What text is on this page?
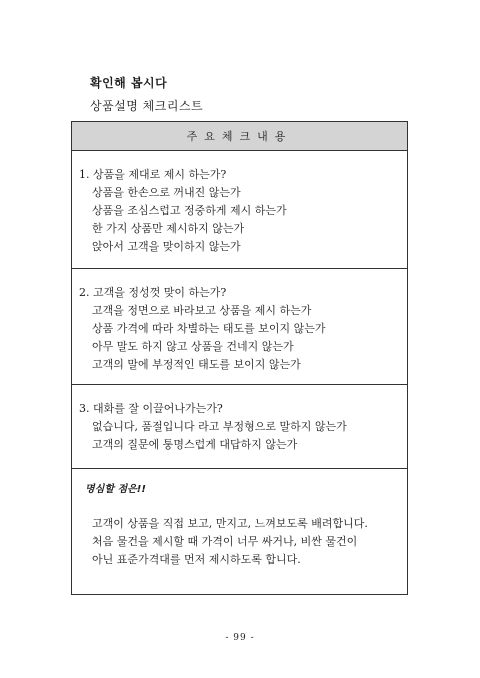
확인해 봅시다
상품설명 체크리스트
주요체크내용
1. 상품을 제대로 제시 하는가?
상품을 한손으로 꺼내진 않는가
상품을 조심스럽고 정중하게 제시 하는가
한 가지 상품만 제시하지 않는가
앉아서 고객을 맞이하지 않는가
2. 고객을 정성껏 맞이 하는가?
고객을 정면으로 바라보고 상품을 제시 하는가
상품 가격에 따라 차별하는 태도를 보이지 않는가
아무 말도 하지 않고 상품을 건네지 않는가
고객의 말에 부정적인 태도를 보이지 않는가
3. 대화를 잘 이끌어나가는가?
없습니다, 품절입니다 라고 부정형으로 말하지 않는가
고객의 질문에 퉁명스럽게 대답하지 않는가
명심할 점은!!
고객이 상품을 직접 보고, 만지고, 느껴보도록 배려합니다.
처음 물건을 제시할 때 가격이 너무 싸거나, 비싼 물건이
아닌 표준가격대를 먼저 제시하도록 합니다.
- 99 -
